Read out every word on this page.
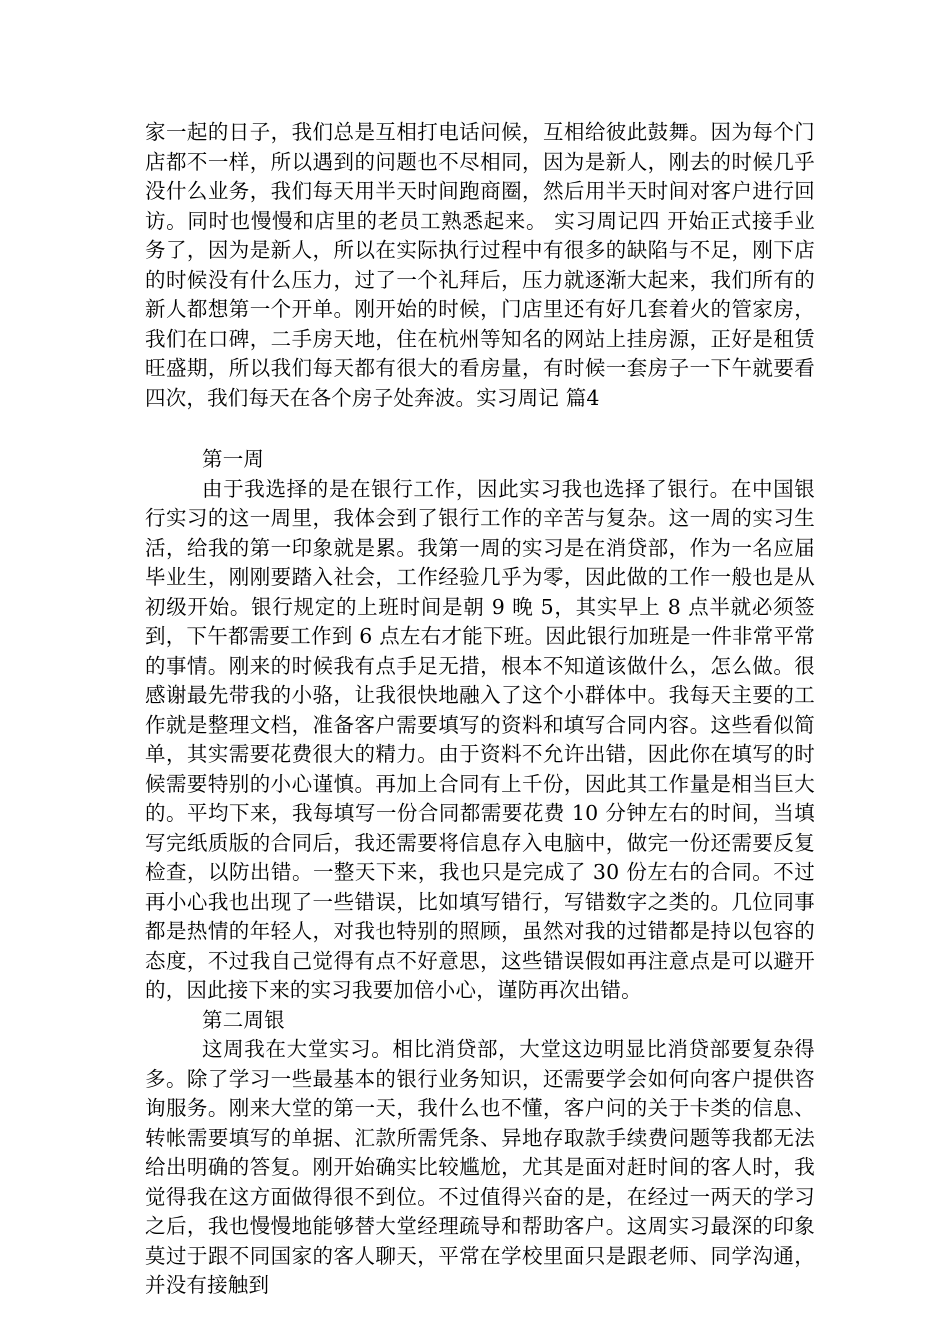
家一起的日子，我们总是互相打电话问候，互相给彼此鼓舞。因为每个门店都不一样，所以遇到的问题也不尽相同，因为是新人，刚去的时候几乎没什么业务，我们每天用半天时间跑商圈，然后用半天时间对客户进行回访。同时也慢慢和店里的老员工熟悉起来。 实习周记四 开始正式接手业务了，因为是新人，所以在实际执行过程中有很多的缺陷与不足，刚下店的时候没有什么压力，过了一个礼拜后，压力就逐渐大起来，我们所有的新人都想第一个开单。刚开始的时候，门店里还有好几套着火的管家房，我们在口碑，二手房天地，住在杭州等知名的网站上挂房源，正好是租赁旺盛期，所以我们每天都有很大的看房量，有时候一套房子一下午就要看四次，我们每天在各个房子处奔波。实习周记 篇4

第一周

由于我选择的是在银行工作，因此实习我也选择了银行。在中国银行实习的这一周里，我体会到了银行工作的辛苦与复杂。这一周的实习生活，给我的第一印象就是累。我第一周的实习是在消贷部，作为一名应届毕业生，刚刚要踏入社会，工作经验几乎为零，因此做的工作一般也是从初级开始。银行规定的上班时间是朝 9 晚 5，其实早上 8 点半就必须签到，下午都需要工作到 6 点左右才能下班。因此银行加班是一件非常平常的事情。刚来的时候我有点手足无措，根本不知道该做什么，怎么做。很感谢最先带我的小骆，让我很快地融入了这个小群体中。我每天主要的工作就是整理文档，准备客户需要填写的资料和填写合同内容。这些看似简单，其实需要花费很大的精力。由于资料不允许出错，因此你在填写的时候需要特别的小心谨慎。再加上合同有上千份，因此其工作量是相当巨大的。平均下来，我每填写一份合同都需要花费 10 分钟左右的时间，当填写完纸质版的合同后，我还需要将信息存入电脑中，做完一份还需要反复检查，以防出错。一整天下来，我也只是完成了 30 份左右的合同。不过再小心我也出现了一些错误，比如填写错行，写错数字之类的。几位同事都是热情的年轻人，对我也特别的照顾，虽然对我的过错都是持以包容的态度，不过我自己觉得有点不好意思，这些错误假如再注意点是可以避开的，因此接下来的实习我要加倍小心，谨防再次出错。

第二周银

这周我在大堂实习。相比消贷部，大堂这边明显比消贷部要复杂得多。除了学习一些最基本的银行业务知识，还需要学会如何向客户提供咨询服务。刚来大堂的第一天，我什么也不懂，客户问的关于卡类的信息、转帐需要填写的单据、汇款所需凭条、异地存取款手续费问题等我都无法给出明确的答复。刚开始确实比较尴尬，尤其是面对赶时间的客人时，我觉得我在这方面做得很不到位。不过值得兴奋的是，在经过一两天的学习之后，我也慢慢地能够替大堂经理疏导和帮助客户。这周实习最深的印象莫过于跟不同国家的客人聊天，平常在学校里面只是跟老师、同学沟通，并没有接触到
